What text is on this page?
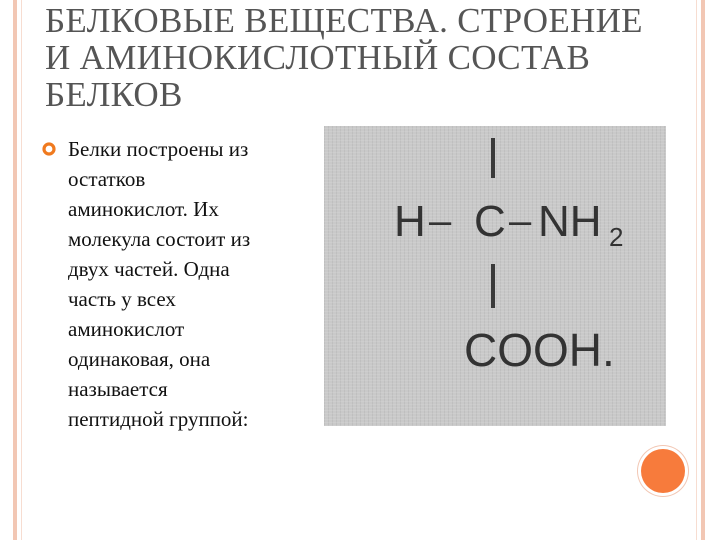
БЕЛКОВЫЕ ВЕЩЕСТВА. СТРОЕНИЕ
И АМИНОКИСЛОТНЫЙ СОСТАВ
БЕЛКОВ
Белки построены из
остатков
аминокислот. Их
молекула состоит из
двух частей. Одна
часть у всех
аминокислот
одинаковая, она
называется
пептидной группой:
H – C – NH 2
COOH.
